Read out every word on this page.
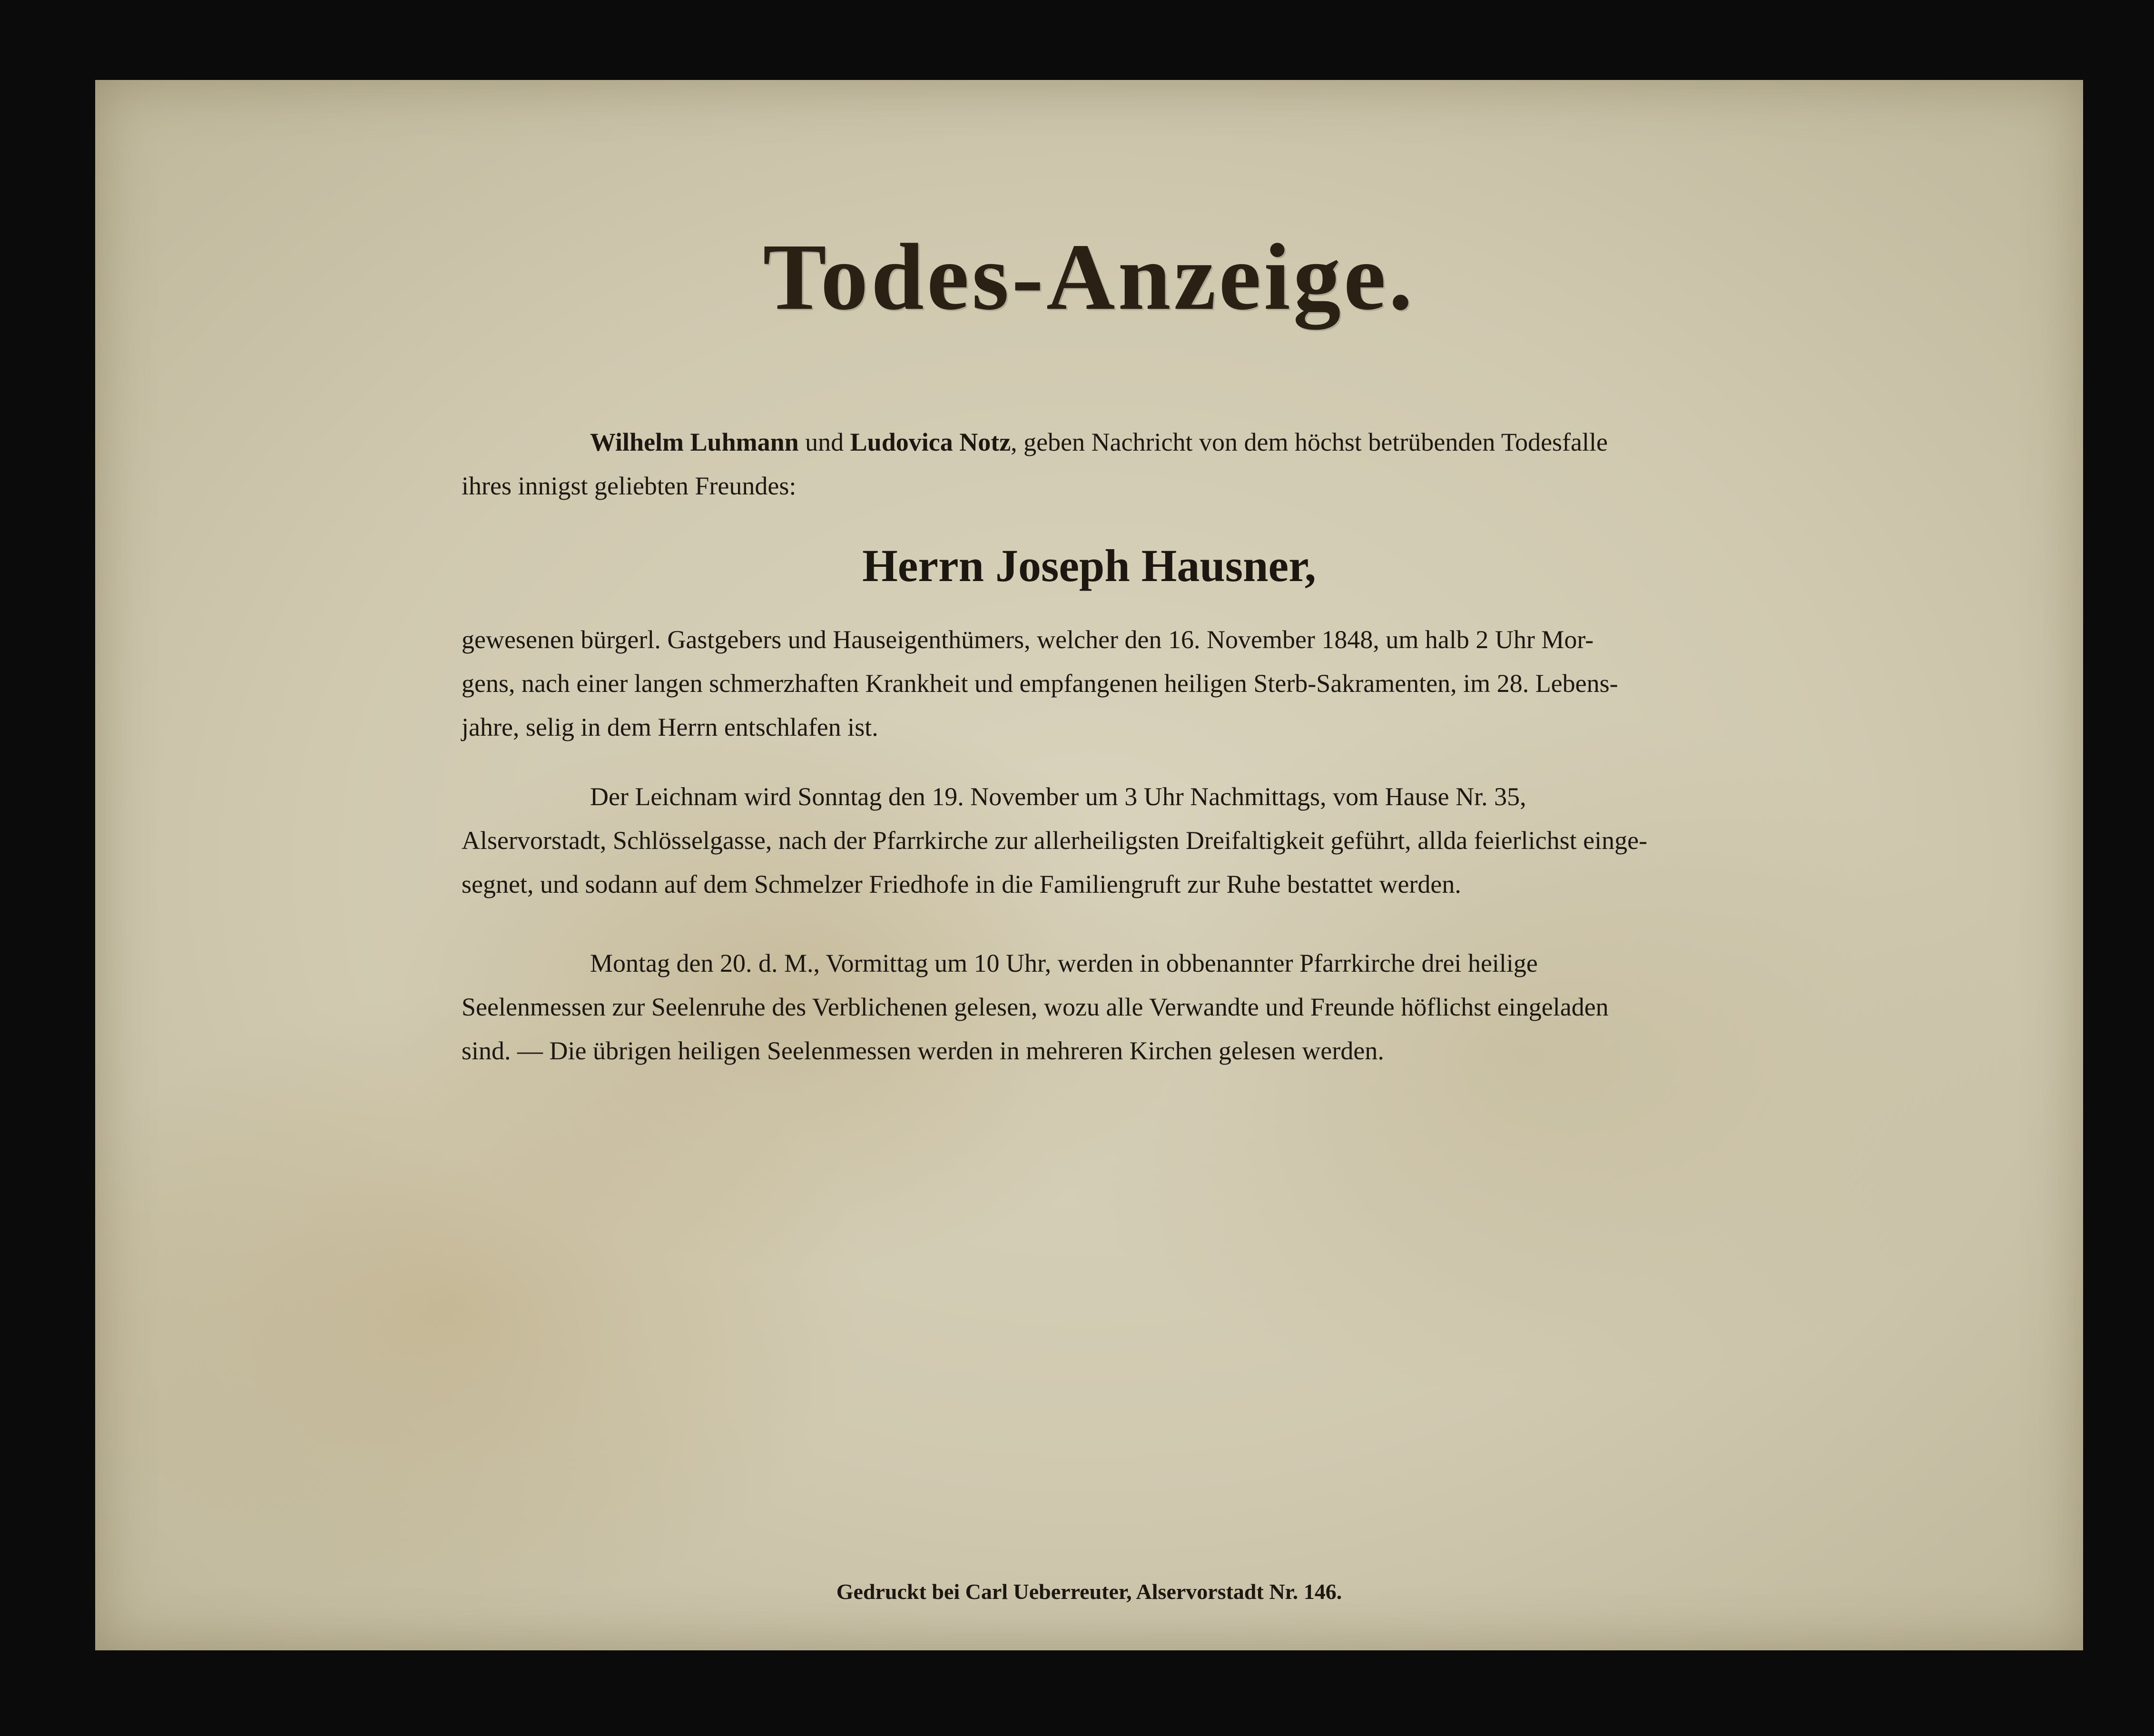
Todes-Anzeige.
Wilhelm Luhmann und Ludovica Notz, geben Nachricht von dem höchst betrübenden Todesfalle
ihres innigst geliebten Freundes:
Herrn Joseph Hausner,
gewesenen bürgerl. Gastgebers und Hauseigenthümers, welcher den 16. November 1848, um halb 2 Uhr Mor-
gens, nach einer langen schmerzhaften Krankheit und empfangenen heiligen Sterb-Sakramenten, im 28. Lebens-
jahre, selig in dem Herrn entschlafen ist.
Der Leichnam wird Sonntag den 19. November um 3 Uhr Nachmittags, vom Hause Nr. 35,
Alservorstadt, Schlösselgasse, nach der Pfarrkirche zur allerheiligsten Dreifaltigkeit geführt, allda feierlichst einge-
segnet, und sodann auf dem Schmelzer Friedhofe in die Familiengruft zur Ruhe bestattet werden.
Montag den 20. d. M., Vormittag um 10 Uhr, werden in obbenannter Pfarrkirche drei heilige
Seelenmessen zur Seelenruhe des Verblichenen gelesen, wozu alle Verwandte und Freunde höflichst eingeladen
sind. — Die übrigen heiligen Seelenmessen werden in mehreren Kirchen gelesen werden.
Gedruckt bei Carl Ueberreuter, Alservorstadt Nr. 146.
